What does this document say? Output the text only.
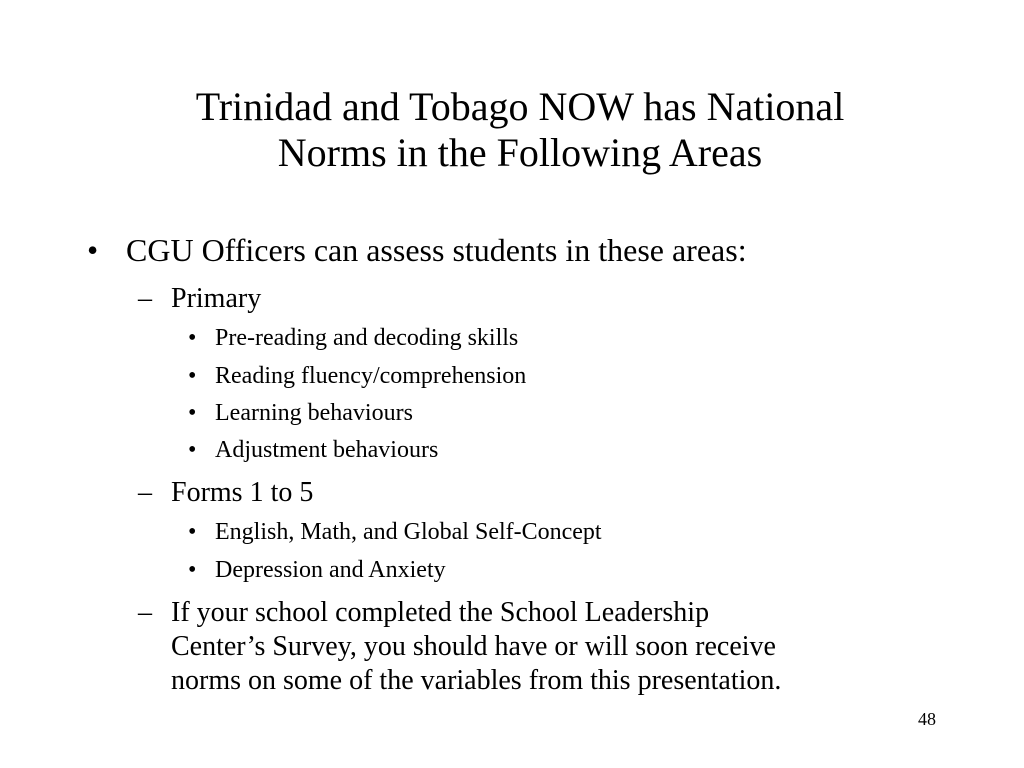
Trinidad and Tobago NOW has National
Norms in the Following Areas
• CGU Officers can assess students in these areas:
– Primary
• Pre-reading and decoding skills
• Reading fluency/comprehension
• Learning behaviours
• Adjustment behaviours
– Forms 1 to 5
• English, Math, and Global Self-Concept
• Depression and Anxiety
– If your school completed the School Leadership
Center’s Survey, you should have or will soon receive
norms on some of the variables from this presentation.
48
